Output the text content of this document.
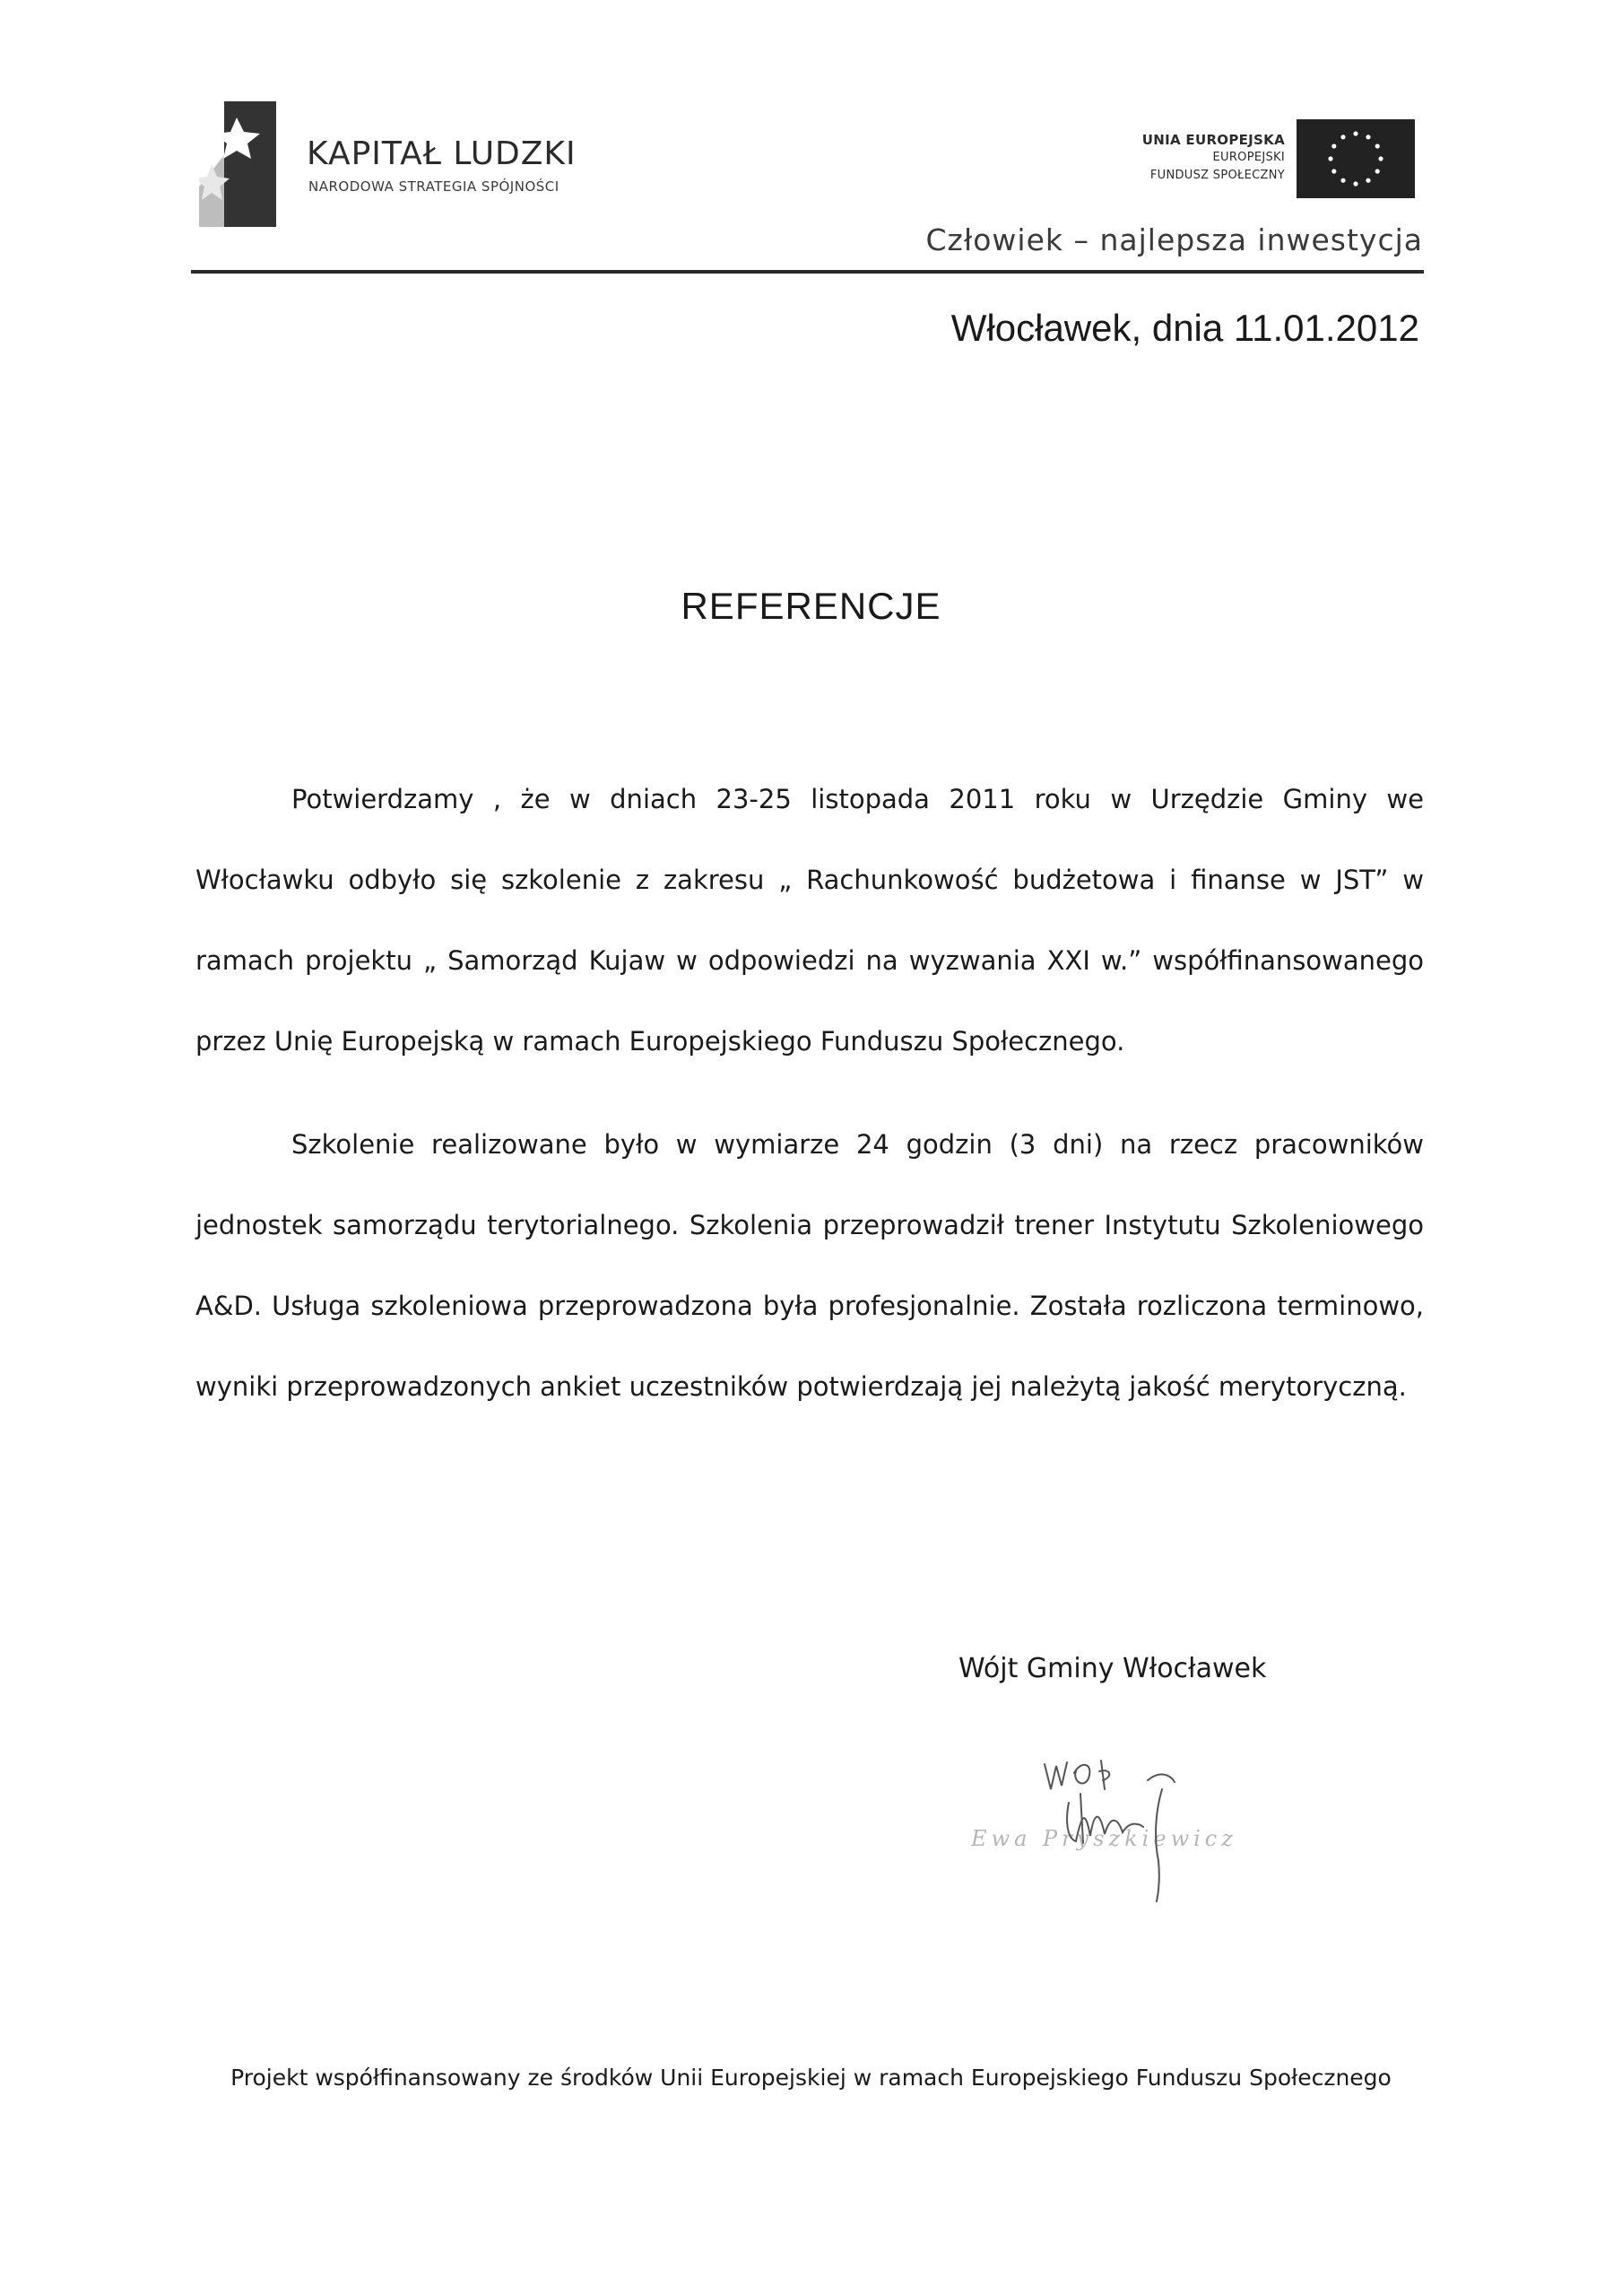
KAPITAŁ LUDZKI
NARODOWA STRATEGIA SPÓJNOŚCI
UNIA EUROPEJSKA
EUROPEJSKI
FUNDUSZ SPOŁECZNY
Człowiek – najlepsza inwestycja
Włocławek, dnia 11.01.2012
REFERENCJE
Potwierdzamy , że w dniach 23-25 listopada 2011 roku w Urzędzie Gminy we Włocławku odbyło się szkolenie z zakresu „ Rachunkowość budżetowa i finanse w JST” w ramach projektu „ Samorząd Kujaw w odpowiedzi na wyzwania XXI w.” współfinansowanego przez Unię Europejską w ramach Europejskiego Funduszu Społecznego.
Szkolenie realizowane było w wymiarze 24 godzin (3 dni) na rzecz pracowników jednostek samorządu terytorialnego. Szkolenia przeprowadził trener Instytutu Szkoleniowego A&D. Usługa szkoleniowa przeprowadzona była profesjonalnie. Została rozliczona terminowo, wyniki przeprowadzonych ankiet uczestników potwierdzają jej należytą jakość merytoryczną.
Wójt Gminy Włocławek
Ewa Pryszkiewicz
Projekt współfinansowany ze środków Unii Europejskiej w ramach Europejskiego Funduszu Społecznego
